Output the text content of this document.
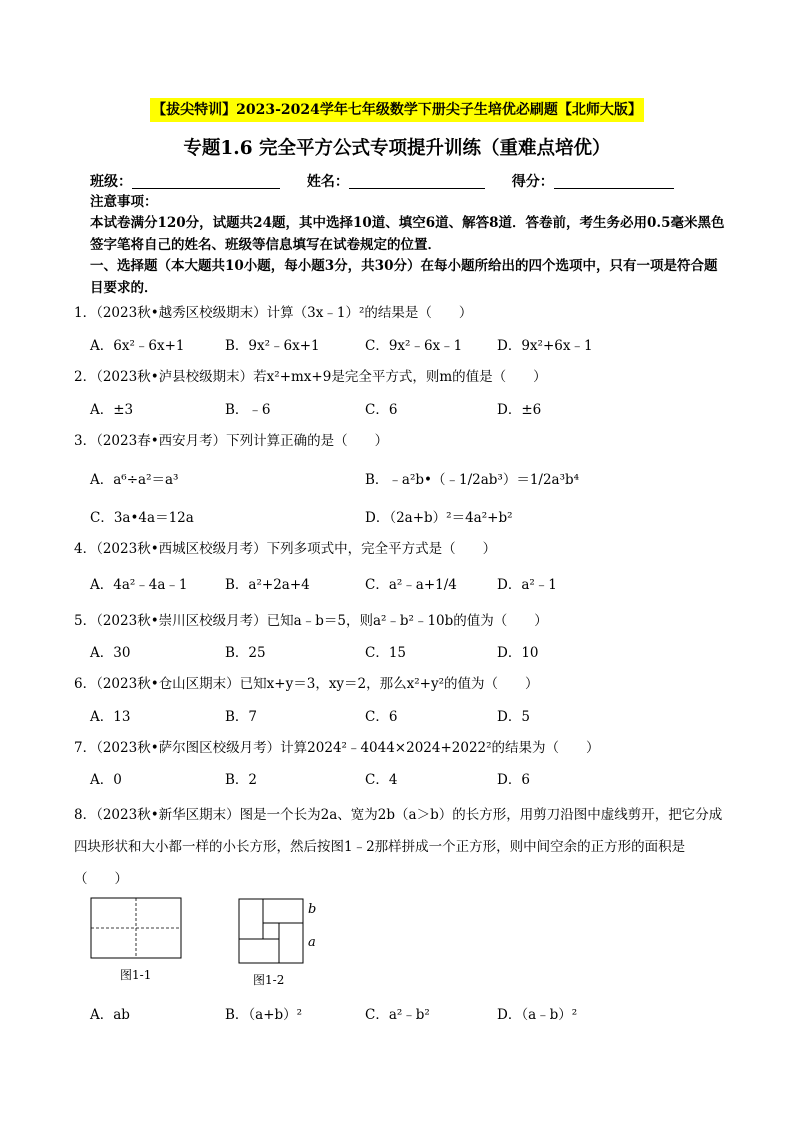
【拔尖特训】2023-2024学年七年级数学下册尖子生培优必刷题【北师大版】
专题1.6 完全平方公式专项提升训练（重难点培优）
班级：	姓名：	得分：
注意事项：
本试卷满分120分，试题共24题，其中选择10道、填空6道、解答8道．答卷前，考生务必用0.5毫米黑色签字笔将自己的姓名、班级等信息填写在试卷规定的位置．
一、选择题（本大题共10小题，每小题3分，共30分）在每小题所给出的四个选项中，只有一项是符合题目要求的．
1．（2023秋•越秀区校级期末）计算（3x﹣1）²的结果是（　　）
A．6x²﹣6x+1	B．9x²﹣6x+1	C．9x²﹣6x﹣1	D．9x²+6x﹣1
2．（2023秋•泸县校级期末）若x²+mx+9是完全平方式，则m的值是（　　）
A．±3	B．﹣6	C．6	D．±6
3．（2023春•西安月考）下列计算正确的是（　　）
A．a⁶÷a²＝a³	B．﹣a²b•（﹣1/2ab³）＝1/2a³b⁴
C．3a•4a＝12a	D．（2a+b）²＝4a²+b²
4．（2023秋•西城区校级月考）下列多项式中，完全平方式是（　　）
A．4a²﹣4a﹣1	B．a²+2a+4	C．a²﹣a+1/4	D．a²﹣1
5．（2023秋•崇川区校级月考）已知a﹣b＝5，则a²﹣b²﹣10b的值为（　　）
A．30	B．25	C．15	D．10
6．（2023秋•仓山区期末）已知x+y＝3，xy＝2，那么x²+y²的值为（　　）
A．13	B．7	C．6	D．5
7．（2023秋•萨尔图区校级月考）计算2024²﹣4044×2024+2022²的结果为（　　）
A．0	B．2	C．4	D．6
8．（2023秋•新华区期末）图是一个长为2a、宽为2b（a＞b）的长方形，用剪刀沿图中虚线剪开，把它分成四块形状和大小都一样的小长方形，然后按图1﹣2那样拼成一个正方形，则中间空余的正方形的面积是（　　）
图1-1
b
a
图1-2
A．ab	B．（a+b）²	C．a²﹣b²	D．（a﹣b）²
